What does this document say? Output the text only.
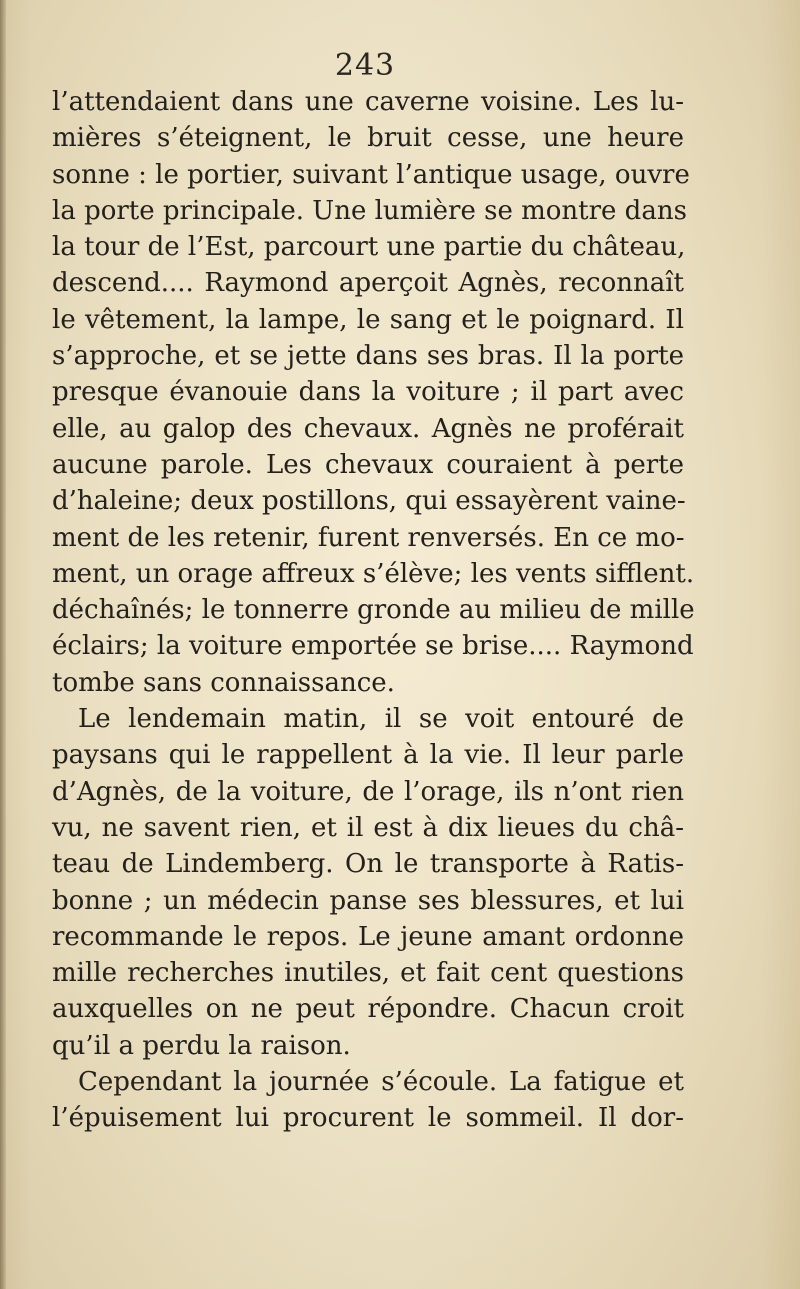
243
l’attendaient dans une caverne voisine. Les lu-
mières s’éteignent, le bruit cesse, une heure
sonne : le portier, suivant l’antique usage, ouvre
la porte principale. Une lumière se montre dans
la tour de l’Est, parcourt une partie du château,
descend.... Raymond aperçoit Agnès, reconnaît
le vêtement, la lampe, le sang et le poignard. Il
s’approche, et se jette dans ses bras. Il la porte
presque évanouie dans la voiture ; il part avec
elle, au galop des chevaux. Agnès ne proférait
aucune parole. Les chevaux couraient à perte
d’haleine; deux postillons, qui essayèrent vaine-
ment de les retenir, furent renversés. En ce mo-
ment, un orage affreux s’élève; les vents sifflent.
déchaînés; le tonnerre gronde au milieu de mille
éclairs; la voiture emportée se brise.... Raymond
tombe sans connaissance.
Le lendemain matin, il se voit entouré de
paysans qui le rappellent à la vie. Il leur parle
d’Agnès, de la voiture, de l’orage, ils n’ont rien
vu, ne savent rien, et il est à dix lieues du châ-
teau de Lindemberg. On le transporte à Ratis-
bonne ; un médecin panse ses blessures, et lui
recommande le repos. Le jeune amant ordonne
mille recherches inutiles, et fait cent questions
auxquelles on ne peut répondre. Chacun croit
qu’il a perdu la raison.
Cependant la journée s’écoule. La fatigue et
l’épuisement lui procurent le sommeil. Il dor-
